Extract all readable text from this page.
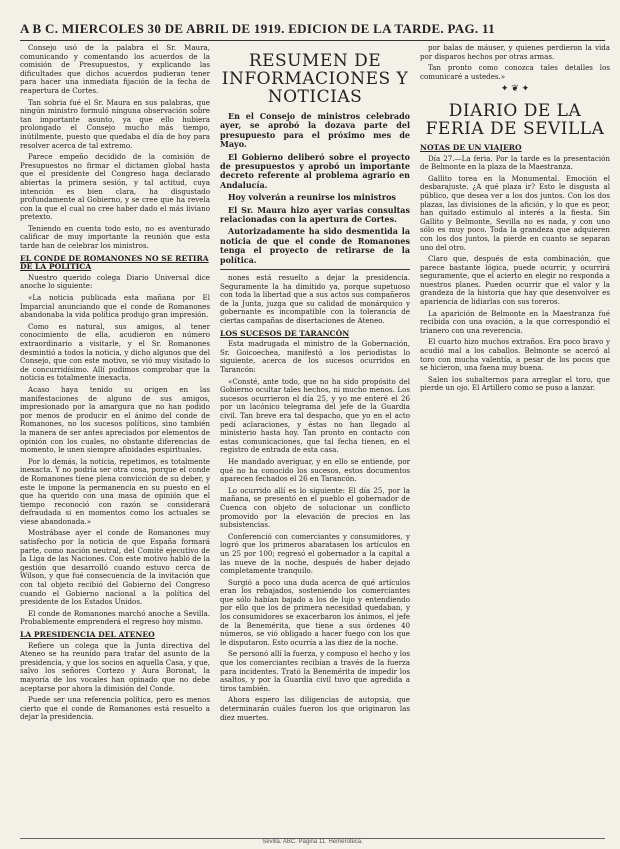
A B C. MIERCOLES 30 DE ABRIL DE 1919. EDICION DE LA TARDE. PAG. 11

Consejo usó de la palabra el Sr. Maura, comunicando y comentando los acuerdos de la comisión de Presupuestos, y explicando las dificultades que dichos acuerdos pudieran tener para hacer una inmediata fijación de la fecha de reapertura de Cortes.

Tan sobria fué el Sr. Maura en sus palabras, que ningún ministro formuló ninguna observación sobre tan importante asunto, ya que ello hubiera prolongado el Consejo mucho más tiempo, inútilmente, puesto que quedaba el día de hoy para resolver acerca de tal extremo.

Parece empeño decidido de la comisión de Presupuestos no firmar el dictamen global hasta que el presidente del Congreso haga declarado abiertas la primera sesión, y tal actitud, cuya intención es bien clara, ha disgustado profundamente al Gobierno, y se cree que ha revela con la que el cual no cree haber dado el más liviano pretexto.

Teniendo en cuenta todo esto, no es aventurado calificar de muy importante la reunión que esta tarde han de celebrar los ministros.

EL CONDE DE ROMANONES NO SE RETIRA DE LA POLITICA

Nuestro querido colega Diario Universal dice anoche lo siguiente:

«La noticia publicada esta mañana por El Imparcial anunciando que el conde de Romanones abandonaba la vida política produjo gran impresión.

Como es natural, sus amigos, al tener conocimiento de ella, acudieron en número extraordinario a visitarle, y el Sr. Romanones desmintió a todos la noticia, y dicho algunos que del Consejo, que con este motivo, se vió muy visitado lo de concurridísimo. Allí pudimos comprobar que la noticia es totalmente inexacta.

Acaso haya tenido su origen en las manifestaciones de alguno de sus amigos, impresionado por la amargura que no han podido por menos de producir en el ánimo del conde de Romanones, no los sucesos políticos, sino también la manera de ser antes apreciados por elementos de opinión con los cuales, no obstante diferencias de momento, le unen siempre afinidades espirituales.

Por lo demás, la noticia, repetimos, es totalmente inexacta. Y no podría ser otra cosa, porque el conde de Romanones tiene plena convicción de su deber, y este le impone la permanencia en su puesto en el que ha querido con una masa de opinión que el tiempo reconoció con razón se considerará defraudada si en momentos como los actuales se viese abandonada.»

Mostrábase ayer el conde de Romanones muy satisfecho por la noticia de que España formará parte, como nación neutral, del Comité ejecutivo de la Liga de las Naciones. Con este motivo habló de la gestión que desarrolló cuando estuvo cerca de Wilson, y que fué consecuencia de la invitación que con tal objeto recibió del Gobierno del Congreso cuando el Gobierno nacional a la política del presidente de los Estados Unidos.

El conde de Romanones marchó anoche a Sevilla. Probablemente emprenderá el regreso hoy mismo.

LA PRESIDENCIA DEL ATENEO

Refiere un colega que la Junta directiva del Ateneo se ha reunido para tratar del asunto de la presidencia, y que los socios en aquella Casa, y que, salvo los señores Cortezo y Aura Boronat, la mayoría de los vocales han opinado que no debe aceptarse por ahora la dimisión del Conde.

Puede ser una referencia política, pero es menos cierto que el conde de Romanones está resuelto a dejar la presidencia.

RESUMEN DE INFORMACIONES Y NOTICIAS

En el Consejo de ministros celebrado ayer, se aprobó la dozava parte del presupuesto para el próximo mes de Mayo.

El Gobierno deliberó sobre el proyecto de presupuestos y aprobó un importante decreto referente al problema agrario en Andalucía.

Hoy volverán a reunirse los ministros

El Sr. Maura hizo ayer varias consultas relacionadas con la apertura de Cortes.

Autorizadamente ha sido desmentida la noticia de que el conde de Romanones tenga el proyecto de retirarse de la política.

nones está resuelto a dejar la presidencia. Seguramente la ha dimitido ya, porque supetuoso con toda la libertad que a sus actos sus compañeros de la Junta, juzga que su calidad de monárquico y gobernante es incompatible con la tolerancia de ciertas campañas de disertaciones de Ateneo.

LOS SUCESOS DE TARANCÓN

Esta madrugada el ministro de la Gobernación, Sr. Goicoechea, manifestó a los periodistas lo siguiente, acerca de los sucesos ocurridos en Tarancón:

«Consté, ante todo, que no ha sido propósito del Gobierno ocultar tales hechos, ni mucho menos. Los sucesos ocurrieron el día 25, y yo me enteré el 26 por un lacónico telegrama del jefe de la Guardia civil. Tan breve era tal despacho, que yo en el acto pedí aclaraciones, y éstas no han llegado al ministerio hasta hoy. Tan pronto en contacto con estas comunicaciones, que tal fecha tienen, en el registro de entrada de esta casa.

He mandado averiguar, y en ello se entiende, por qué no ha conocido los sucesos, estos documentos aparecen fechados el 26 en Tarancón.

Lo ocurrido allí es lo siguiente: El día 25, por la mañana, se presentó en el pueblo el gobernador de Cuenca con objeto de solucionar un conflicto promovido por la elevación de precios en las subsistencias.

Conferenció con comerciantes y consumidores, y logró que los primeros abaratasen los artículos en un 25 por 100; regresó el gobernador a la capital a las nueve de la noche, después de haber dejado completamente tranquilo.

Surgió a poco una duda acerca de qué artículos eran los rebajados, sosteniendo los comerciantes que sólo habían bajado a los de lujo y entendiendo por ello que los de primera necesidad quedaban, y los consumidores se exacerbaron los ánimos, el jefe de la Benemérita, que tiene a sus órdenes 40 números, se vió obligado a hacer fuego con los que le disputaron. Esto ocurría a las diez de la noche.

Se personó allí la fuerza, y compuso el hecho y los que los comerciantes recibían a través de la fuerza para incidentes. Trató la Benemérita de impedir los asaltos, y por la Guardia civil tuvo que agredida a tiros también.

Ahora espero las diligencias de autopsia, que determinarán cuáles fueron los que originaron las diez muertes.

por balas de máuser, y quienes perdieron la vida por disparos hechos por otras armas.

Tan pronto como conozca tales detalles los comunicaré a ustedes.»

✦ ❦ ✦
DIARIO DE LA FERIA DE SEVILLA
NOTAS DE UN VIAJERO

Día 27.—La feria. Por la tarde es la presentación de Belmonte en la plaza de la Maestranza.

Gallito torea en la Monumental. Emoción el desbarajuste. ¿A qué plaza ir? Esto le disgusta al público, que desea ver a los dos juntos. Con los dos plazas, las divisiones de la afición, y lo que es peor, han quitado estímulo al interés a la fiesta. Sin Gallito y Belmonte, Sevilla no es nada, y con uno sólo es muy poco. Toda la grandeza que adquieren con los dos juntos, la pierde en cuanto se separan uno del otro.

Claro que, después de esta combinación, que parece bastante lógica, puede ocurrir, y ocurrirá seguramente, que el acierto en elegir no responda a nuestros planes. Pueden ocurrir que el valor y la grandeza de la historia que hay que desenvolver es apariencia de lidiarlas con sus toreros.

La aparición de Belmonte en la Maestranza fué recibida con una ovación, a la que correspondió el trianero con una reverencia.

El cuarto hizo muchos extraños. Era poco bravo y acudió mal a los caballos. Belmonte se acercó al toro con mucha valentía, a pesar de los pocos que se hicieron, una faena muy buena.

Salen los subalternos para arreglar el toro, que pierde un ojo. El Artillero como se puso a lanzar.

Sevilla. ABC. Página 11. Hemeroteca.
